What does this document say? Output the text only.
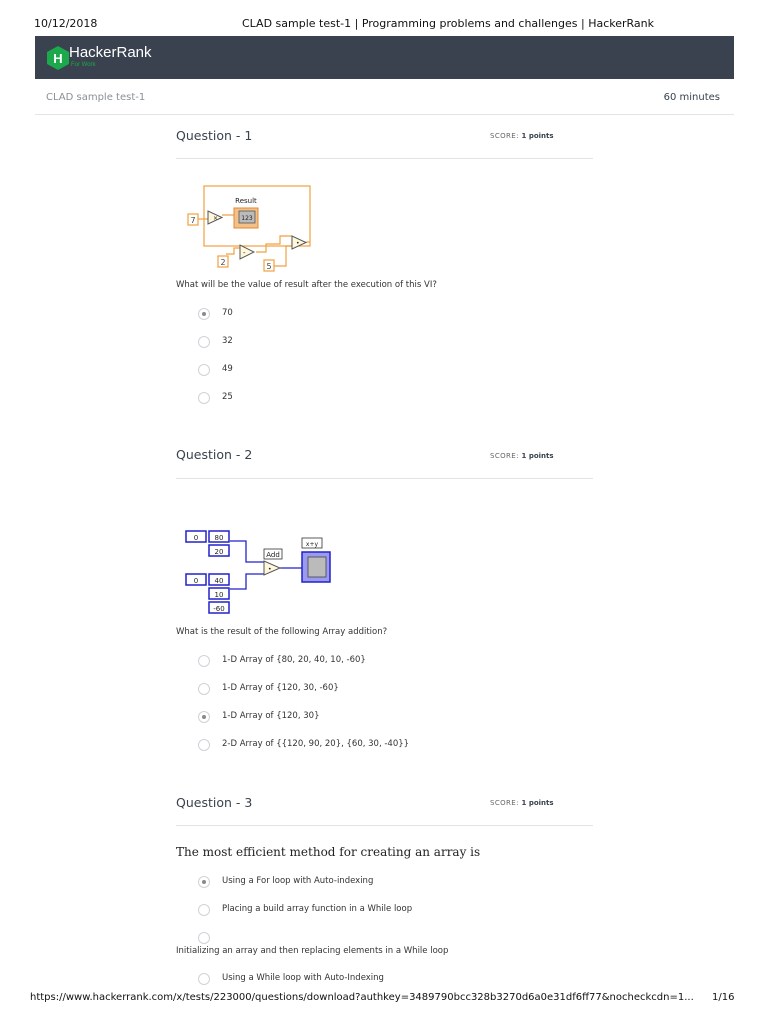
10/12/2018	CLAD sample test-1 | Programming problems and challenges | HackerRank
H HackerRank
For Work
CLAD sample test-1	60 minutes
Question - 1	SCORE: 1 points
7	×
Result
123
2
-
5
•
What will be the value of result after the execution of this VI?
70
32
49
25
Question - 2	SCORE: 1 points
0 80
20
0 40
10
-60
Add
•
x+y
What is the result of the following Array addition?
1-D Array of {80, 20, 40, 10, -60}
1-D Array of {120, 30, -60}
1-D Array of {120, 30}
2-D Array of {{120, 90, 20}, {60, 30, -40}}
Question - 3	SCORE: 1 points
The most efficient method for creating an array is
Using a For loop with Auto-indexing
Placing a build array function in a While loop
Initializing an array and then replacing elements in a While loop
Using a While loop with Auto-Indexing
https://www.hackerrank.com/x/tests/223000/questions/download?authkey=3489790bcc328b3270d6a0e31df6ff77&nocheckcdn=1... 1/16
